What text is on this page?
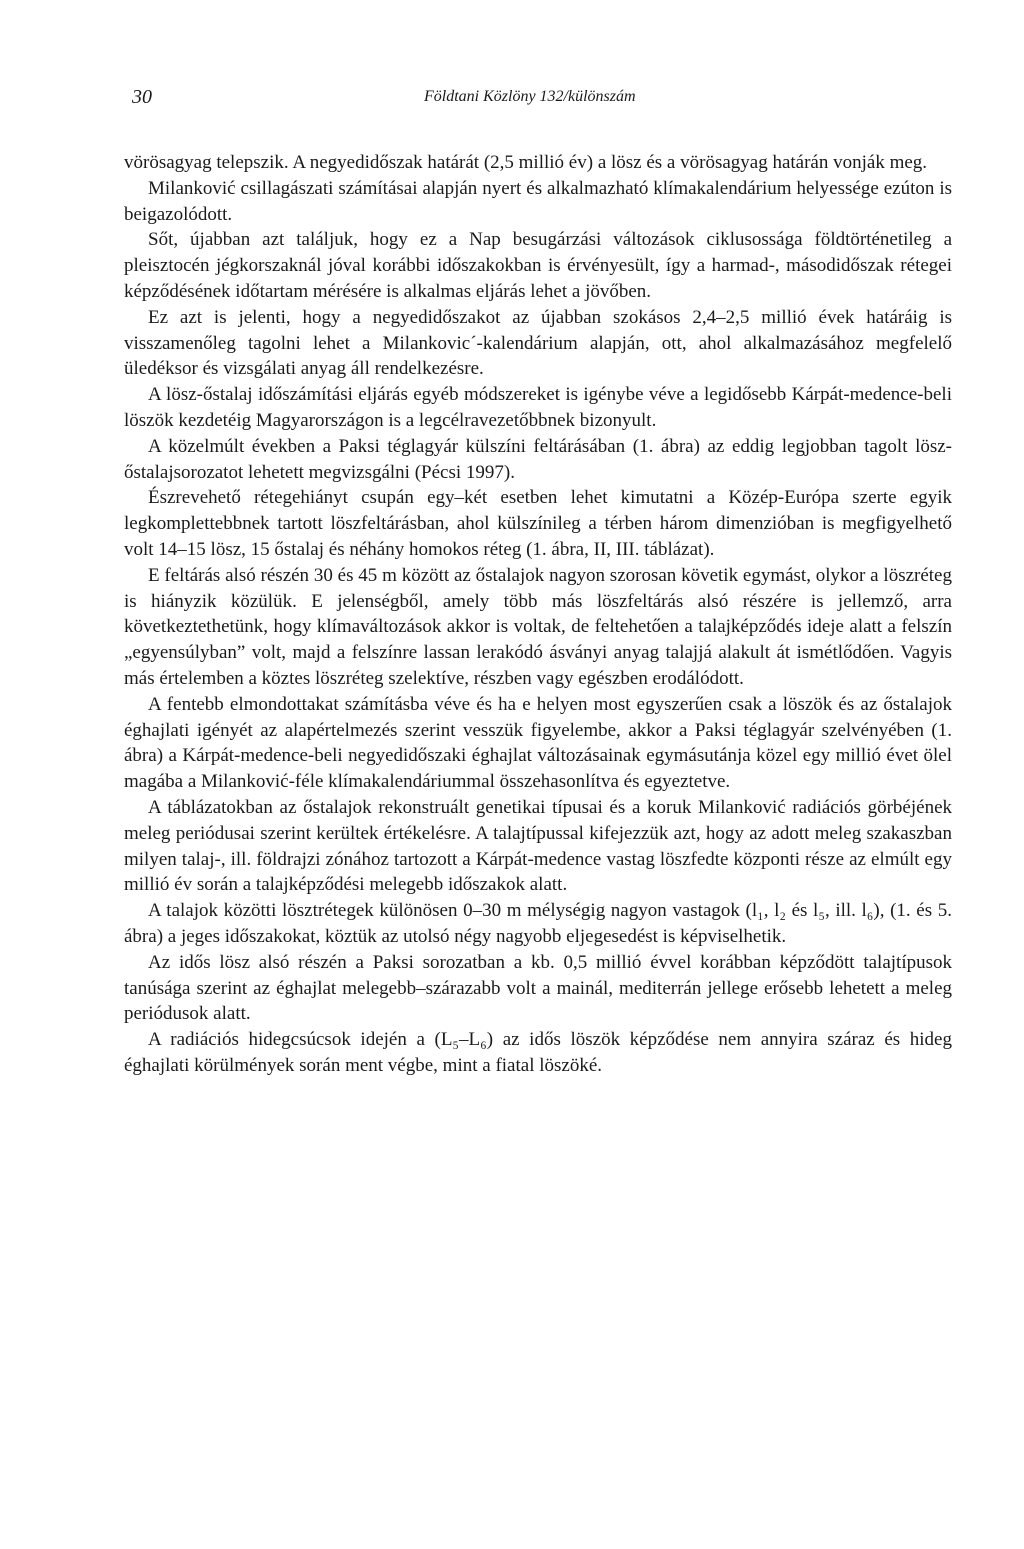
30	Földtani Közlöny 132/különszám

vörösagyag telepszik. A negyedidőszak határát (2,5 millió év) a lösz és a vörösagyag határán vonják meg.

Milanković csillagászati számításai alapján nyert és alkalmazható klímakalendárium helyessége ezúton is beigazolódott.

Sőt, újabban azt találjuk, hogy ez a Nap besugárzási változások ciklusossága földtörténetileg a pleisztocén jégkorszaknál jóval korábbi időszakokban is érvényesült, így a harmad-, másodidőszak rétegei képződésének időtartam mérésére is alkalmas eljárás lehet a jövőben.

Ez azt is jelenti, hogy a negyedidőszakot az újabban szokásos 2,4–2,5 millió évek határáig is visszamenőleg tagolni lehet a Milankovic´-kalendárium alapján, ott, ahol alkalmazásához megfelelő üledéksor és vizsgálati anyag áll rendelkezésre.

A lösz-őstalaj időszámítási eljárás egyéb módszereket is igénybe véve a legidősebb Kárpát-medence-beli löszök kezdetéig Magyarországon is a legcélravezetőbbnek bizonyult.

A közelmúlt években a Paksi téglagyár külszíni feltárásában (1. ábra) az eddig legjobban tagolt lösz-őstalajsorozatot lehetett megvizsgálni (Pécsi 1997).

Észrevehető rétegehiányt csupán egy–két esetben lehet kimutatni a Közép-Európa szerte egyik legkomplettebbnek tartott löszfeltárásban, ahol külszínileg a térben három dimenzióban is megfigyelhető volt 14–15 lösz, 15 őstalaj és néhány homokos réteg (1. ábra, II, III. táblázat).

E feltárás alsó részén 30 és 45 m között az őstalajok nagyon szorosan követik egymást, olykor a löszréteg is hiányzik közülük. E jelenségből, amely több más löszfeltárás alsó részére is jellemző, arra következtethetünk, hogy klímaváltozások akkor is voltak, de feltehetően a talajképződés ideje alatt a felszín „egyensúlyban” volt, majd a felszínre lassan lerakódó ásványi anyag talajjá alakult át ismétlődően. Vagyis más értelemben a köztes löszréteg szelektíve, részben vagy egészben erodálódott.

A fentebb elmondottakat számításba véve és ha e helyen most egyszerűen csak a löszök és az őstalajok éghajlati igényét az alapértelmezés szerint vesszük figyelembe, akkor a Paksi téglagyár szelvényében (1. ábra) a Kárpát-medence-beli negyedidőszaki éghajlat változásainak egymásutánja közel egy millió évet ölel magába a Milanković-féle klímakalendáriummal összehasonlítva és egyeztetve.

A táblázatokban az őstalajok rekonstruált genetikai típusai és a koruk Milanković radiációs görbéjének meleg periódusai szerint kerültek értékelésre. A talajtípussal kifejezzük azt, hogy az adott meleg szakaszban milyen talaj-, ill. földrajzi zónához tartozott a Kárpát-medence vastag löszfedte központi része az elmúlt egy millió év során a talajképződési melegebb időszakok alatt.

A talajok közötti lösztrétegek különösen 0–30 m mélységig nagyon vastagok (l₁, l₂ és l₅, ill. l₆), (1. és 5. ábra) a jeges időszakokat, köztük az utolsó négy nagyobb eljegesedést is képviselhetik.

Az idős lösz alsó részén a Paksi sorozatban a kb. 0,5 millió évvel korábban képződött talajtípusok tanúsága szerint az éghajlat melegebb–szárazabb volt a mainál, mediterrán jellege erősebb lehetett a meleg periódusok alatt.

A radiációs hidegcsúcsok idején a (L₅–L₆) az idős löszök képződése nem annyira száraz és hideg éghajlati körülmények során ment végbe, mint a fiatal löszöké.
